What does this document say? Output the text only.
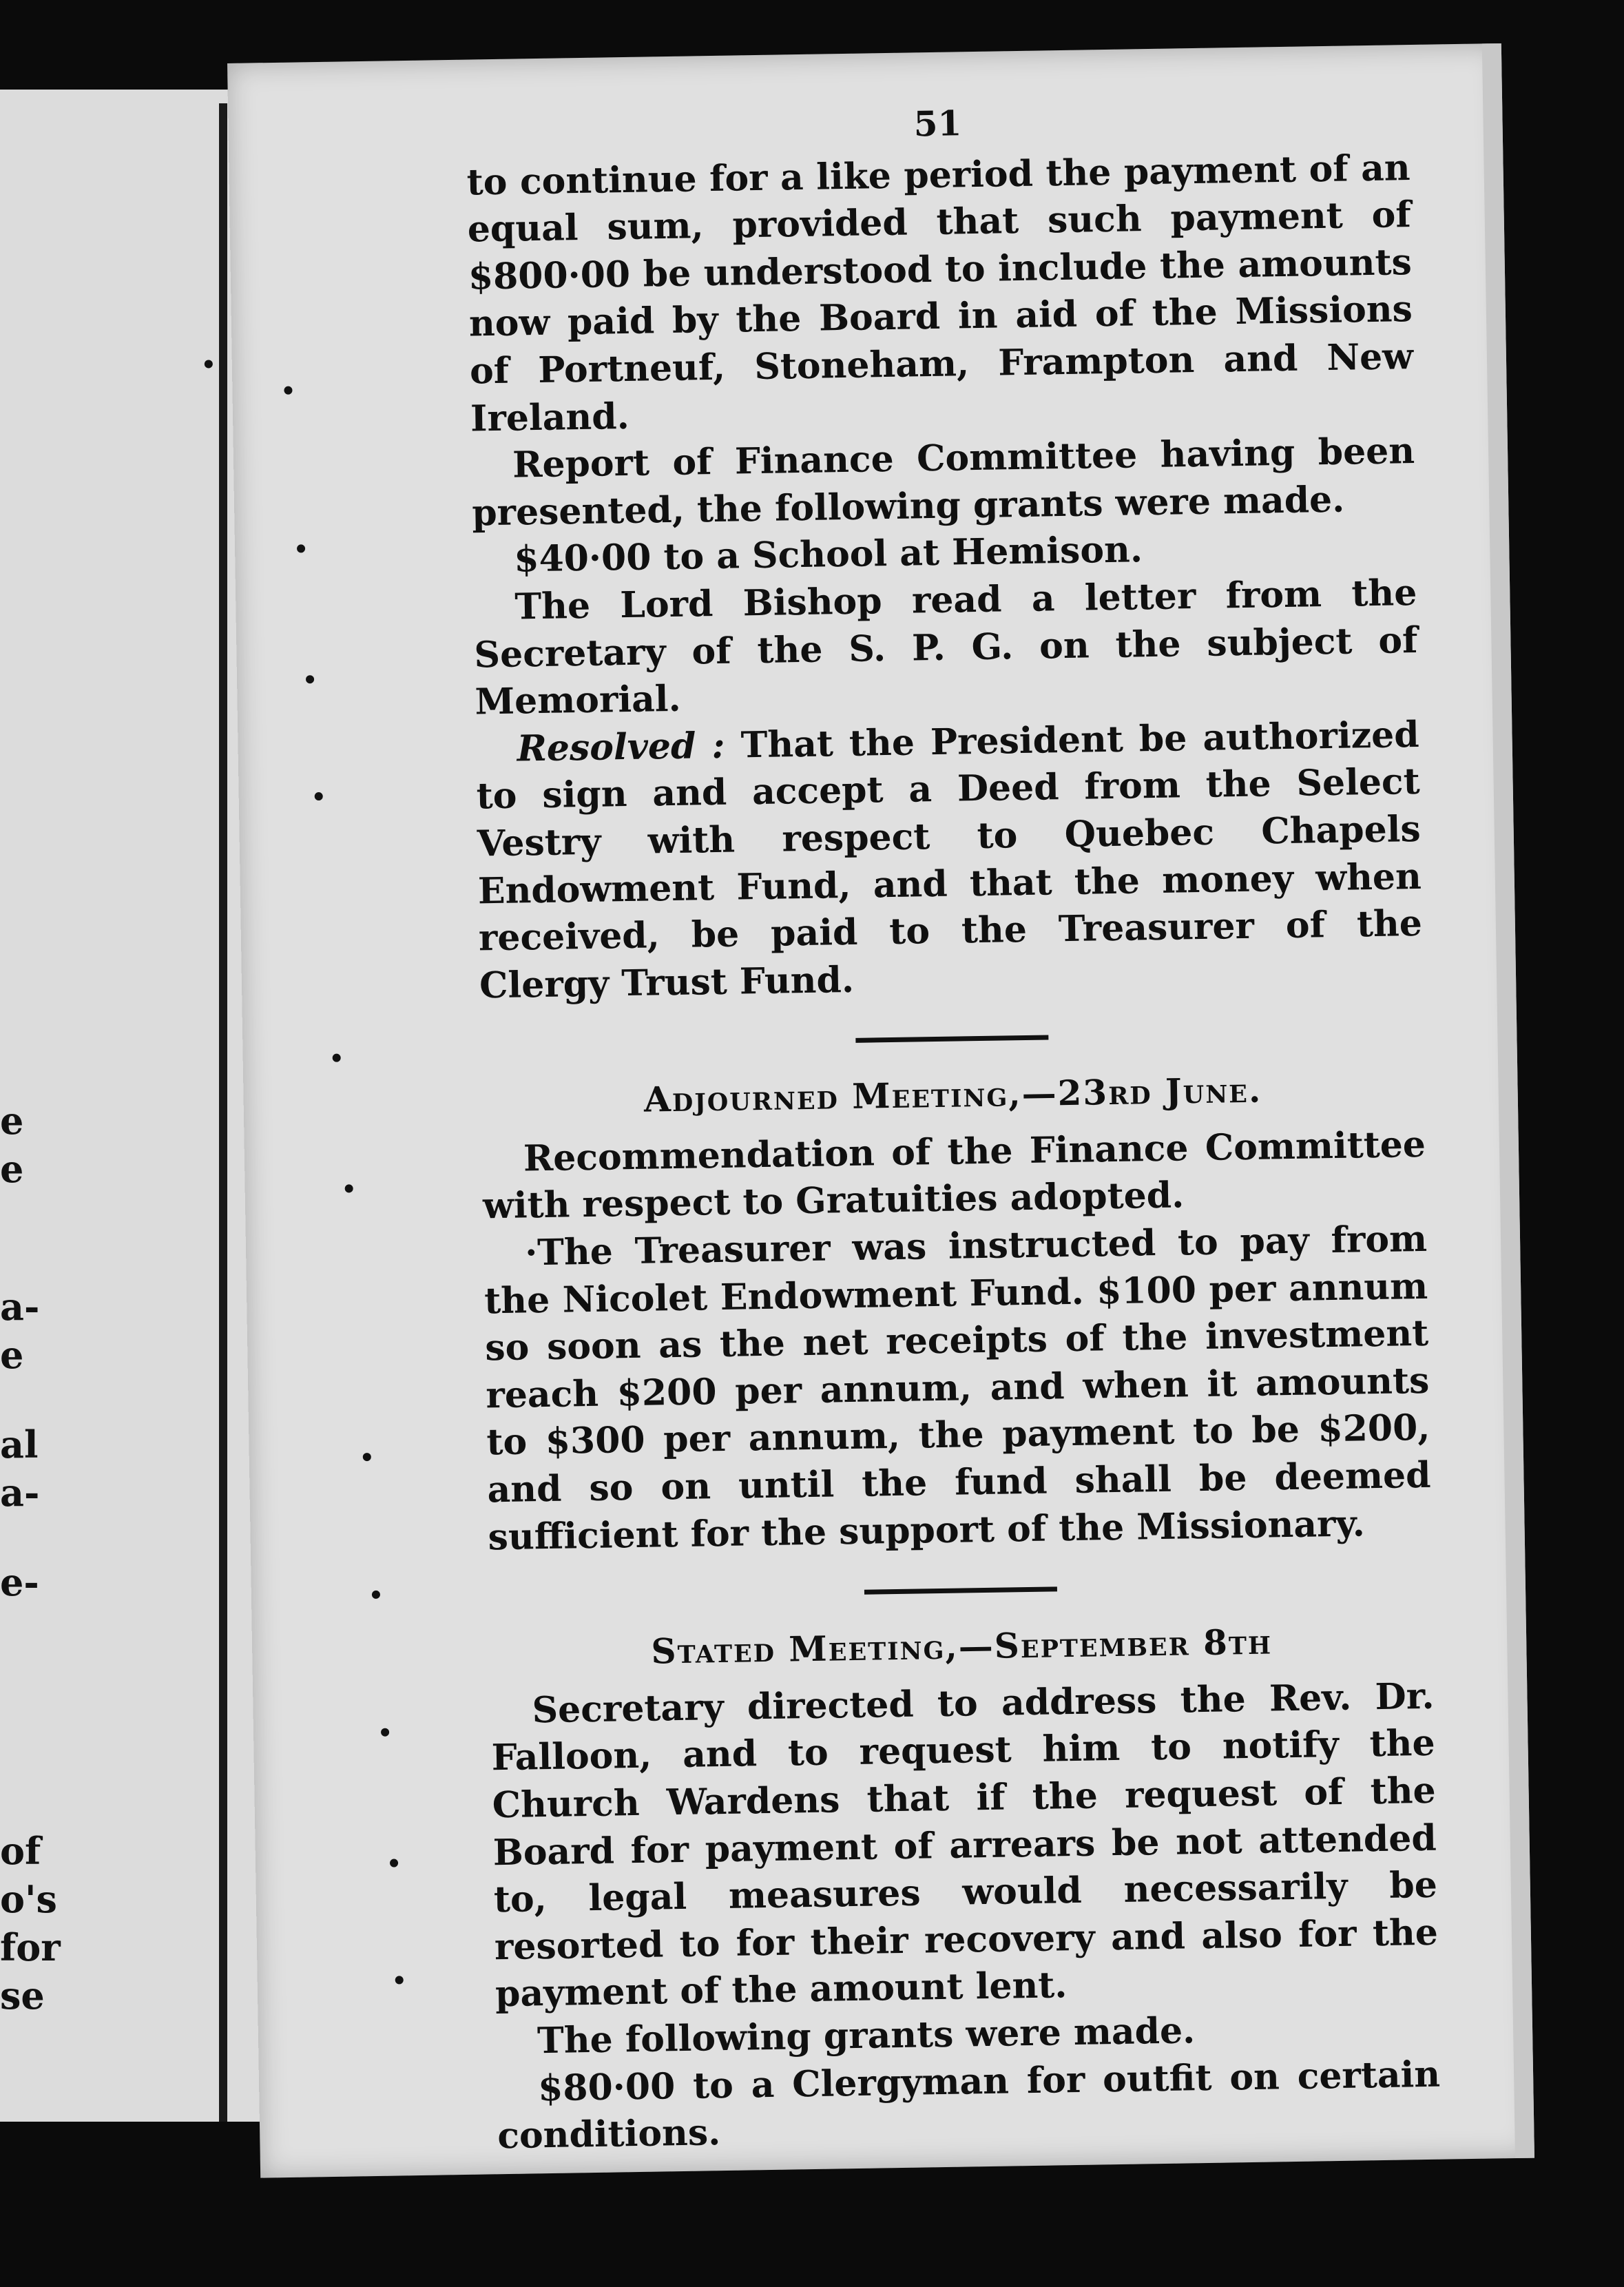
e
e
a-
e
al
a-
e-
of
o's
for
se
51

to continue for a like period the payment of an equal sum, provided that such payment of $800·00 be understood to include the amounts now paid by the Board in aid of the Missions of Portneuf, Stoneham, Frampton and New Ireland.

Report of Finance Committee having been presented, the following grants were made.

$40·00 to a School at Hemison.

The Lord Bishop read a letter from the Secretary of the S. P. G. on the subject of Memorial.

Resolved : That the President be authorized to sign and accept a Deed from the Select Vestry with respect to Quebec Chapels Endowment Fund, and that the money when received, be paid to the Treasurer of the Clergy Trust Fund.

Adjourned Meeting,—23rd June.

Recommendation of the Finance Committee with respect to Gratuities adopted.

·The Treasurer was instructed to pay from the Nicolet Endowment Fund. $100 per annum so soon as the net receipts of the investment reach $200 per annum, and when it amounts to $300 per annum, the payment to be $200, and so on until the fund shall be deemed sufficient for the support of the Missionary.

Stated Meeting,—September 8th

Secretary directed to address the Rev. Dr. Falloon, and to request him to notify the Church Wardens that if the request of the Board for payment of arrears be not attended to, legal measures would necessarily be resorted to for their recovery and also for the payment of the amount lent.

The following grants were made.

$80·00 to a Clergyman for outfit on certain conditions.
